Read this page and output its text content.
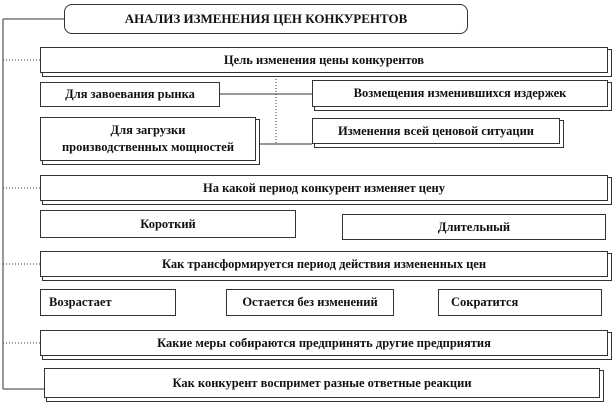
АНАЛИЗ ИЗМЕНЕНИЯ ЦЕН КОНКУРЕНТОВ
Цель изменения цены конкурентов
Для завоевания рынка	Возмещения изменившихся издержек
Для загрузки
производственных мощностей
Изменения всей ценовой ситуации
На какой период конкурент изменяет цену
Короткий	Длительный
Как трансформируется период действия измененных цен
Возрастает	Остается без изменений	Сократится
Какие меры собираются предпринять другие предприятия
Как конкурент воспримет разные ответные реакции
